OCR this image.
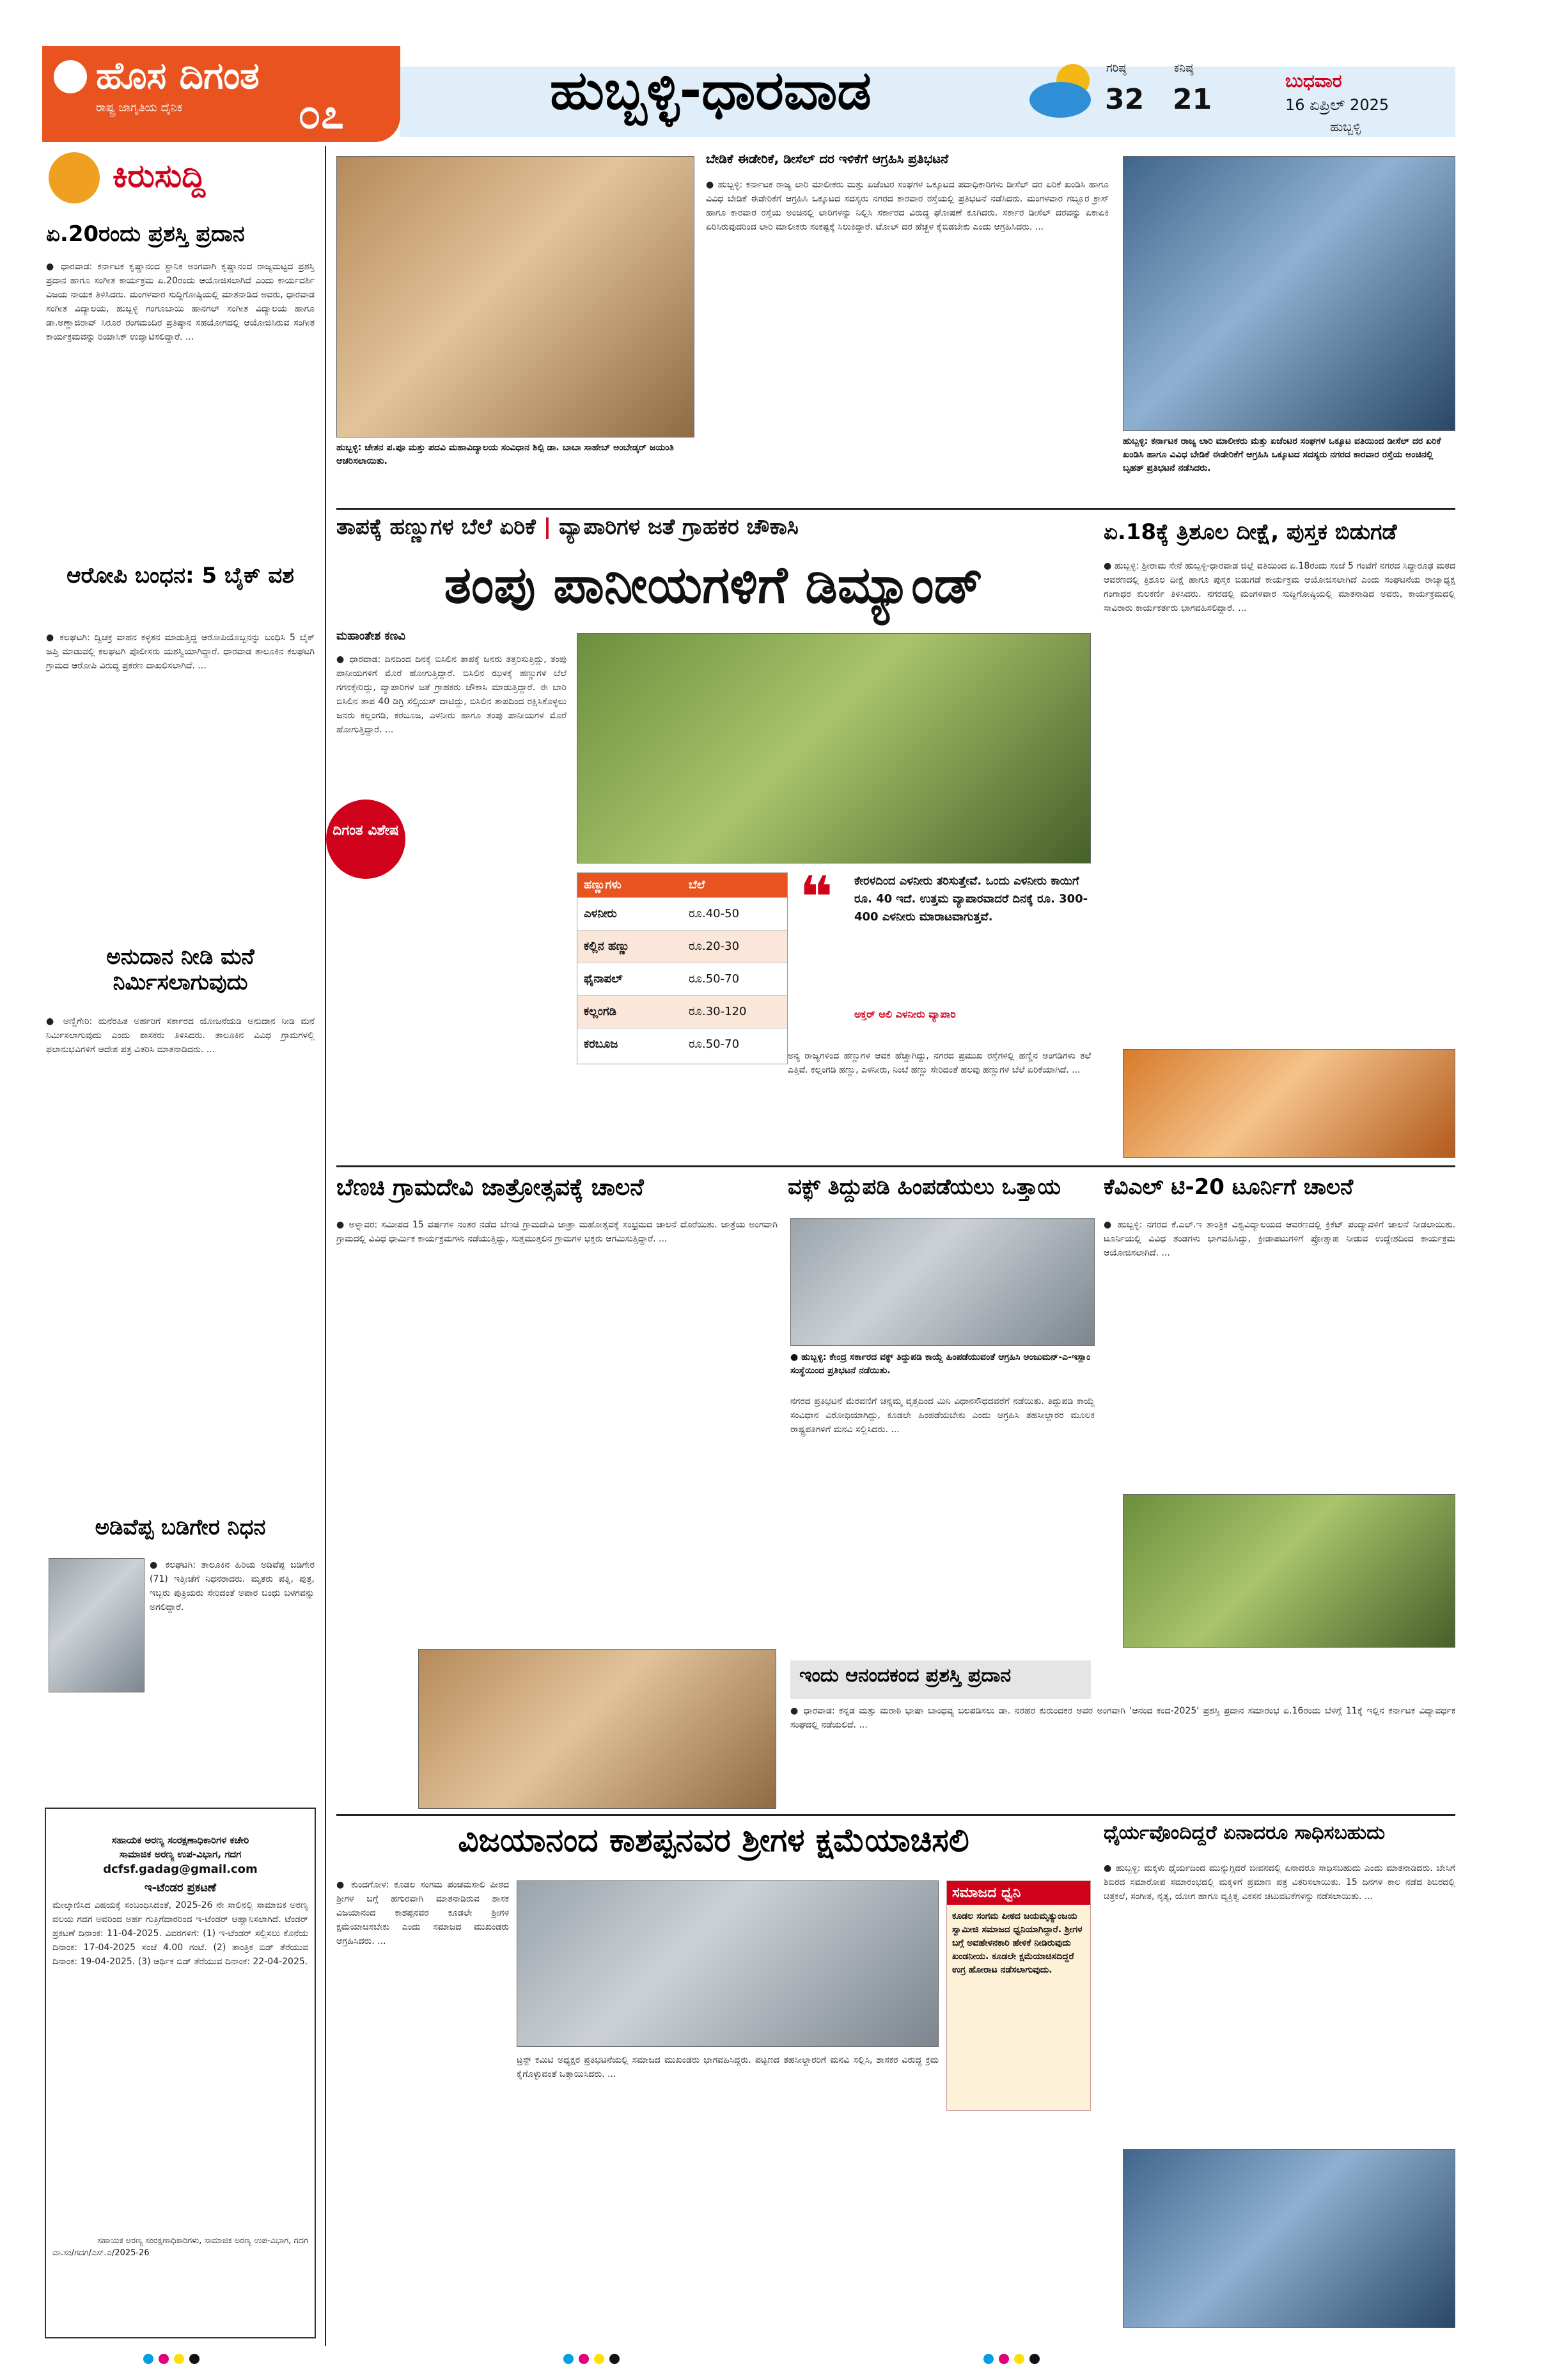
ಹೊಸ ದಿಗಂತ
ರಾಷ್ಟ್ರ ಜಾಗೃತಿಯ ದೈನಿಕ	೦೭	ಹುಬ್ಬಳ್ಳಿ-ಧಾರವಾಡ	ಗರಿಷ್ಠ
32
ಕನಿಷ್ಠ
21
ಬುಧವಾರ
16 ಏಪ್ರಿಲ್ 2025
ಹುಬ್ಬಳ್ಳಿ
ಕಿರುಸುದ್ದಿ
ಏ.20ರಂದು ಪ್ರಶಸ್ತಿ ಪ್ರದಾನ
● ಧಾರವಾಡ: ಕರ್ನಾಟಕ ಕೃಷ್ಣಾನಂದ ಸ್ಥಾನಿಕ ಅಂಗವಾಗಿ ಕೃಷ್ಣಾನಂದ ರಾಜ್ಯಮಟ್ಟದ ಪ್ರಶಸ್ತಿ ಪ್ರದಾನ ಹಾಗೂ ಸಂಗೀತ ಕಾರ್ಯಕ್ರಮ ಏ.20ರಂದು ಆಯೋಜಿಸಲಾಗಿದೆ ಎಂದು ಕಾರ್ಯದರ್ಶಿ ವಿಜಯ ನಾಯಕ ತಿಳಿಸಿದರು. ಮಂಗಳವಾರ ಸುದ್ದಿಗೋಷ್ಠಿಯಲ್ಲಿ ಮಾತನಾಡಿದ ಅವರು, ಧಾರವಾಡ ಸಂಗೀತ ವಿದ್ಯಾಲಯ, ಹುಬ್ಬಳ್ಳಿ ಗಂಗೂಬಾಯಿ ಹಾನಗಲ್ ಸಂಗೀತ ವಿದ್ಯಾಲಯ ಹಾಗೂ ಡಾ.ಅಣ್ಣಾಜಿರಾವ್ ಸಿರೂರ ರಂಗಮಂದಿರ ಪ್ರತಿಷ್ಠಾನ ಸಹಯೋಗದಲ್ಲಿ ಆಯೋಜಿಸಿರುವ ಸಂಗೀತ ಕಾರ್ಯಕ್ರಮವನ್ನು ರಿಯಾಸಿಕ್ ಉದ್ಘಾಟಿಸಲಿದ್ದಾರೆ. ...
ಆರೋಪಿ ಬಂಧನ: 5 ಬೈಕ್ ವಶ
● ಕಲಘಟಗಿ: ದ್ವಿಚಕ್ರ ವಾಹನ ಕಳ್ಳತನ ಮಾಡುತ್ತಿದ್ದ ಆರೋಪಿಯೊಬ್ಬನನ್ನು ಬಂಧಿಸಿ 5 ಬೈಕ್ ಜಪ್ತಿ ಮಾಡುವಲ್ಲಿ ಕಲಘಟಗಿ ಪೊಲೀಸರು ಯಶಸ್ವಿಯಾಗಿದ್ದಾರೆ. ಧಾರವಾಡ ತಾಲೂಕಿನ ಕಲಘಟಗಿ ಗ್ರಾಮದ ಆರೋಪಿ ವಿರುದ್ಧ ಪ್ರಕರಣ ದಾಖಲಿಸಲಾಗಿದೆ. ...
ಅನುದಾನ ನೀಡಿ ಮನೆ ನಿರ್ಮಿಸಲಾಗುವುದು
● ಅಣ್ಣಿಗೇರಿ: ಮನೆರಹಿತ ಅರ್ಹರಿಗೆ ಸರ್ಕಾರದ ಯೋಜನೆಯಡಿ ಅನುದಾನ ನೀಡಿ ಮನೆ ನಿರ್ಮಿಸಲಾಗುವುದು ಎಂದು ಶಾಸಕರು ತಿಳಿಸಿದರು. ತಾಲೂಕಿನ ವಿವಿಧ ಗ್ರಾಮಗಳಲ್ಲಿ ಫಲಾನುಭವಿಗಳಿಗೆ ಆದೇಶ ಪತ್ರ ವಿತರಿಸಿ ಮಾತನಾಡಿದರು. ...
ಅಡಿವೆಪ್ಪ ಬಡಿಗೇರ ನಿಧನ
● ಕಲಘಟಗಿ: ತಾಲೂಕಿನ ಹಿರಿಯ ಅಡಿವೆಪ್ಪ ಬಡಿಗೇರ (71) ಇತ್ತೀಚೆಗೆ ನಿಧನರಾದರು. ಮೃತರು ಪತ್ನಿ, ಪುತ್ರ, ಇಬ್ಬರು ಪುತ್ರಿಯರು ಸೇರಿದಂತೆ ಅಪಾರ ಬಂಧು ಬಳಗವನ್ನು ಅಗಲಿದ್ದಾರೆ.
ಸಹಾಯಕ ಅರಣ್ಯ ಸಂರಕ್ಷಣಾಧಿಕಾರಿಗಳ ಕಚೇರಿ
ಸಾಮಾಜಿಕ ಅರಣ್ಯ ಉಪ-ವಿಭಾಗ, ಗದಗ
dcfsf.gadag@gmail.com
ಇ-ಟೆಂಡರ ಪ್ರಕಟಣೆ
ಮೇಲ್ಕಾಣಿಸಿದ ವಿಷಯಕ್ಕೆ ಸಂಬಂಧಿಸಿದಂತೆ, 2025-26 ನೇ ಸಾಲಿನಲ್ಲಿ ಸಾಮಾಜಿಕ ಅರಣ್ಯ ವಲಯ ಗದಗ ಅವರಿಂದ ಅರ್ಹ ಗುತ್ತಿಗೆದಾರರಿಂದ ಇ-ಟೆಂಡರ್ ಆಹ್ವಾನಿಸಲಾಗಿದೆ. ಟೆಂಡರ್ ಪ್ರಕಟಣೆ ದಿನಾಂಕ: 11-04-2025. ವಿವರಗಳಿಗೆ: (1) ಇ-ಟೆಂಡರ್ ಸಲ್ಲಿಸಲು ಕೊನೆಯ ದಿನಾಂಕ: 17-04-2025 ಸಂಜೆ 4.00 ಗಂಟೆ. (2) ತಾಂತ್ರಿಕ ಬಿಡ್ ತೆರೆಯುವ ದಿನಾಂಕ: 19-04-2025. (3) ಆರ್ಥಿಕ ಬಿಡ್ ತೆರೆಯುವ ದಿನಾಂಕ: 22-04-2025.
ಸಹಾಯಕ ಅರಣ್ಯ ಸಂರಕ್ಷಣಾಧಿಕಾರಿಗಳು, ಸಾಮಾಜಿಕ ಅರಣ್ಯ ಉಪ-ವಿಭಾಗ, ಗದಗ
ವಾ.ಸಂ/ಗದಗ/ಎಸ್.ಎ/2025-26
ಹುಬ್ಬಳ್ಳಿ: ಚೇತನ ಪ.ಪೂ ಮತ್ತು ಪದವಿ ಮಹಾವಿದ್ಯಾಲಯ ಸಂವಿಧಾನ ಶಿಲ್ಪಿ ಡಾ. ಬಾಬಾ ಸಾಹೇಬ್ ಅಂಬೇಡ್ಕರ್ ಜಯಂತಿ ಆಚರಿಸಲಾಯಿತು.
ಬೇಡಿಕೆ ಈಡೇರಿಕೆ, ಡೀಸೆಲ್ ದರ ಇಳಿಕೆಗೆ ಆಗ್ರಹಿಸಿ ಪ್ರತಿಭಟನೆ
● ಹುಬ್ಬಳ್ಳಿ: ಕರ್ನಾಟಕ ರಾಜ್ಯ ಲಾರಿ ಮಾಲೀಕರು ಮತ್ತು ಏಜೆಂಟರ ಸಂಘಗಳ ಒಕ್ಕೂಟದ ಪದಾಧಿಕಾರಿಗಳು ಡೀಸೆಲ್ ದರ ಏರಿಕೆ ಖಂಡಿಸಿ ಹಾಗೂ ವಿವಿಧ ಬೇಡಿಕೆ ಈಡೇರಿಕೆಗೆ ಆಗ್ರಹಿಸಿ ಒಕ್ಕೂಟದ ಸದಸ್ಯರು ನಗರದ ಕಾರವಾರ ರಸ್ತೆಯಲ್ಲಿ ಪ್ರತಿಭಟನೆ ನಡೆಸಿದರು. ಮಂಗಳವಾರ ಗಬ್ಬೂರ ಕ್ರಾಸ್ ಹಾಗೂ ಕಾರವಾರ ರಸ್ತೆಯ ಅಂಚಿನಲ್ಲಿ ಲಾರಿಗಳನ್ನು ನಿಲ್ಲಿಸಿ ಸರ್ಕಾರದ ವಿರುದ್ಧ ಘೋಷಣೆ ಕೂಗಿದರು. ಸರ್ಕಾರ ಡೀಸೆಲ್ ದರವನ್ನು ಏಕಾಏಕಿ ಏರಿಸಿರುವುದರಿಂದ ಲಾರಿ ಮಾಲೀಕರು ಸಂಕಷ್ಟಕ್ಕೆ ಸಿಲುಕಿದ್ದಾರೆ. ಟೋಲ್ ದರ ಹೆಚ್ಚಳ ಕೈಬಿಡಬೇಕು ಎಂದು ಆಗ್ರಹಿಸಿದರು. ...
ಹುಬ್ಬಳ್ಳಿ: ಕರ್ನಾಟಕ ರಾಜ್ಯ ಲಾರಿ ಮಾಲೀಕರು ಮತ್ತು ಏಜೆಂಟರ ಸಂಘಗಳ ಒಕ್ಕೂಟ ವತಿಯಿಂದ ಡೀಸೆಲ್ ದರ ಏರಿಕೆ ಖಂಡಿಸಿ ಹಾಗೂ ವಿವಿಧ ಬೇಡಿಕೆ ಈಡೇರಿಕೆಗೆ ಆಗ್ರಹಿಸಿ ಒಕ್ಕೂಟದ ಸದಸ್ಯರು ನಗರದ ಕಾರವಾರ ರಸ್ತೆಯ ಅಂಚಿನಲ್ಲಿ ಬೃಹತ್ ಪ್ರತಿಭಟನೆ ನಡೆಸಿದರು.
ತಾಪಕ್ಕೆ ಹಣ್ಣುಗಳ ಬೆಲೆ ಏರಿಕೆ | ವ್ಯಾಪಾರಿಗಳ ಜತೆ ಗ್ರಾಹಕರ ಚೌಕಾಸಿ
ತಂಪು ಪಾನೀಯಗಳಿಗೆ ಡಿಮ್ಯಾಂಡ್
ಮಹಾಂತೇಶ ಕಣವಿ
● ಧಾರವಾಡ: ದಿನದಿಂದ ದಿನಕ್ಕೆ ಬಿಸಿಲಿನ ತಾಪಕ್ಕೆ ಜನರು ತತ್ತರಿಸುತ್ತಿದ್ದು, ತಂಪು ಪಾನೀಯಗಳಿಗೆ ಮೊರೆ ಹೋಗುತ್ತಿದ್ದಾರೆ. ಬಿಸಿಲಿನ ಝಳಕ್ಕೆ ಹಣ್ಣುಗಳ ಬೆಲೆ ಗಗನಕ್ಕೇರಿದ್ದು, ವ್ಯಾಪಾರಿಗಳ ಜತೆ ಗ್ರಾಹಕರು ಚೌಕಾಸಿ ಮಾಡುತ್ತಿದ್ದಾರೆ. ಈ ಬಾರಿ ಬಿಸಿಲಿನ ತಾಪ 40 ಡಿಗ್ರಿ ಸೆಲ್ಸಿಯಸ್ ದಾಟಿದ್ದು, ಬಿಸಿಲಿನ ತಾಪದಿಂದ ರಕ್ಷಿಸಿಕೊಳ್ಳಲು ಜನರು ಕಲ್ಲಂಗಡಿ, ಕರಬೂಜ, ಎಳನೀರು ಹಾಗೂ ತಂಪು ಪಾನೀಯಗಳ ಮೊರೆ ಹೋಗುತ್ತಿದ್ದಾರೆ. ...
ದಿಗಂತ ವಿಶೇಷ
ಹಣ್ಣುಗಳು	ಬೆಲೆ
ಎಳನೀರು	ರೂ.40-50
ಕಲ್ಲಿನ ಹಣ್ಣು	ರೂ.20-30
ಫೈನಾಪಲ್	ರೂ.50-70
ಕಲ್ಲಂಗಡಿ	ರೂ.30-120
ಕರಬೂಜ	ರೂ.50-70
❝	ಕೇರಳದಿಂದ ಎಳನೀರು ತರಿಸುತ್ತೇವೆ. ಒಂದು ಎಳನೀರು ಕಾಯಿಗೆ ರೂ. 40 ಇದೆ. ಉತ್ತಮ ವ್ಯಾಪಾರವಾದರೆ ದಿನಕ್ಕೆ ರೂ. 300-400 ಎಳನೀರು ಮಾರಾಟವಾಗುತ್ತವೆ.
ಅಕ್ತರ್ ಅಲಿ ಎಳನೀರು ವ್ಯಾಪಾರಿ
ಅನ್ಯ ರಾಜ್ಯಗಳಿಂದ ಹಣ್ಣುಗಳ ಆವಕ ಹೆಚ್ಚಾಗಿದ್ದು, ನಗರದ ಪ್ರಮುಖ ರಸ್ತೆಗಳಲ್ಲಿ ಹಣ್ಣಿನ ಅಂಗಡಿಗಳು ತಲೆ ಎತ್ತಿವೆ. ಕಲ್ಲಂಗಡಿ ಹಣ್ಣು, ಎಳನೀರು, ನಿಂಬೆ ಹಣ್ಣು ಸೇರಿದಂತೆ ಹಲವು ಹಣ್ಣುಗಳ ಬೆಲೆ ಏರಿಕೆಯಾಗಿದೆ. ...
ಏ.18ಕ್ಕೆ ತ್ರಿಶೂಲ ದೀಕ್ಷೆ, ಪುಸ್ತಕ ಬಿಡುಗಡೆ
● ಹುಬ್ಬಳ್ಳಿ: ಶ್ರೀರಾಮ ಸೇನೆ ಹುಬ್ಬಳ್ಳಿ-ಧಾರವಾಡ ಜಿಲ್ಲೆ ವತಿಯಿಂದ ಏ.18ರಂದು ಸಂಜೆ 5 ಗಂಟೆಗೆ ನಗರದ ಸಿದ್ಧಾರೂಢ ಮಠದ ಆವರಣದಲ್ಲಿ ತ್ರಿಶೂಲ ದೀಕ್ಷೆ ಹಾಗೂ ಪುಸ್ತಕ ಬಿಡುಗಡೆ ಕಾರ್ಯಕ್ರಮ ಆಯೋಜಿಸಲಾಗಿದೆ ಎಂದು ಸಂಘಟನೆಯ ರಾಜ್ಯಾಧ್ಯಕ್ಷ ಗಂಗಾಧರ ಕುಲಕರ್ಣಿ ತಿಳಿಸಿದರು. ನಗರದಲ್ಲಿ ಮಂಗಳವಾರ ಸುದ್ದಿಗೋಷ್ಠಿಯಲ್ಲಿ ಮಾತನಾಡಿದ ಅವರು, ಕಾರ್ಯಕ್ರಮದಲ್ಲಿ ಸಾವಿರಾರು ಕಾರ್ಯಕರ್ತರು ಭಾಗವಹಿಸಲಿದ್ದಾರೆ. ...
ಬೆಣಚಿ ಗ್ರಾಮದೇವಿ ಜಾತ್ರೋತ್ಸವಕ್ಕೆ ಚಾಲನೆ
● ಅಳ್ನಾವರ: ಸಮೀಪದ 15 ವರ್ಷಗಳ ನಂತರ ನಡೆದ ಬೆಣಚಿ ಗ್ರಾಮದೇವಿ ಜಾತ್ರಾ ಮಹೋತ್ಸವಕ್ಕೆ ಸಂಭ್ರಮದ ಚಾಲನೆ ದೊರೆಯಿತು. ಜಾತ್ರೆಯ ಅಂಗವಾಗಿ ಗ್ರಾಮದಲ್ಲಿ ವಿವಿಧ ಧಾರ್ಮಿಕ ಕಾರ್ಯಕ್ರಮಗಳು ನಡೆಯುತ್ತಿದ್ದು, ಸುತ್ತಮುತ್ತಲಿನ ಗ್ರಾಮಗಳ ಭಕ್ತರು ಆಗಮಿಸುತ್ತಿದ್ದಾರೆ. ...
ವಕ್ಫ್ ತಿದ್ದುಪಡಿ ಹಿಂಪಡೆಯಲು ಒತ್ತಾಯ
● ಹುಬ್ಬಳ್ಳಿ: ಕೇಂದ್ರ ಸರ್ಕಾರದ ವಕ್ಫ್ ತಿದ್ದುಪಡಿ ಕಾಯ್ದೆ ಹಿಂಪಡೆಯುವಂತೆ ಆಗ್ರಹಿಸಿ ಅಂಜುಮನ್-ಎ-ಇಸ್ಲಾಂ ಸಂಸ್ಥೆಯಿಂದ ಪ್ರತಿಭಟನೆ ನಡೆಯಿತು.
ನಗರದ ಪ್ರತಿಭಟನೆ ಮೆರವಣಿಗೆ ಚನ್ನಮ್ಮ ವೃತ್ತದಿಂದ ಮಿನಿ ವಿಧಾನಸೌಧದವರೆಗೆ ನಡೆಯಿತು. ತಿದ್ದುಪಡಿ ಕಾಯ್ದೆ ಸಂವಿಧಾನ ವಿರೋಧಿಯಾಗಿದ್ದು, ಕೂಡಲೇ ಹಿಂಪಡೆಯಬೇಕು ಎಂದು ಆಗ್ರಹಿಸಿ ತಹಸೀಲ್ದಾರರ ಮೂಲಕ ರಾಷ್ಟ್ರಪತಿಗಳಿಗೆ ಮನವಿ ಸಲ್ಲಿಸಿದರು. ...
ಕೆವಿಎಲ್ ಟಿ-20 ಟೂರ್ನಿಗೆ ಚಾಲನೆ
● ಹುಬ್ಬಳ್ಳಿ: ನಗರದ ಕೆ.ಎಲ್.ಇ ತಾಂತ್ರಿಕ ವಿಶ್ವವಿದ್ಯಾಲಯದ ಆವರಣದಲ್ಲಿ ಕ್ರಿಕೆಟ್ ಪಂದ್ಯಾವಳಿಗೆ ಚಾಲನೆ ನೀಡಲಾಯಿತು. ಟೂರ್ನಿಯಲ್ಲಿ ವಿವಿಧ ತಂಡಗಳು ಭಾಗವಹಿಸಿದ್ದು, ಕ್ರೀಡಾಪಟುಗಳಿಗೆ ಪ್ರೋತ್ಸಾಹ ನೀಡುವ ಉದ್ದೇಶದಿಂದ ಕಾರ್ಯಕ್ರಮ ಆಯೋಜಿಸಲಾಗಿದೆ. ...
ಇಂದು ಆನಂದಕಂದ ಪ್ರಶಸ್ತಿ ಪ್ರದಾನ
● ಧಾರವಾಡ: ಕನ್ನಡ ಮತ್ತು ಮರಾಠಿ ಭಾಷಾ ಬಾಂಧವ್ಯ ಬಲಪಡಿಸಲು ಡಾ. ನರಹರ ಕುರುಂದಕರ ಅವರ ಅಂಗವಾಗಿ 'ಆನಂದ ಕಂದ-2025' ಪ್ರಶಸ್ತಿ ಪ್ರದಾನ ಸಮಾರಂಭ ಏ.16ರಂದು ಬೆಳಿಗ್ಗೆ 11ಕ್ಕೆ ಇಲ್ಲಿನ ಕರ್ನಾಟಕ ವಿದ್ಯಾವರ್ಧಕ ಸಂಘದಲ್ಲಿ ನಡೆಯಲಿದೆ. ...
ವಿಜಯಾನಂದ ಕಾಶಪ್ಪನವರ ಶ್ರೀಗಳ ಕ್ಷಮೆಯಾಚಿಸಲಿ
● ಕುಂದಗೋಳ: ಕೂಡಲ ಸಂಗಮ ಪಂಚಮಸಾಲಿ ಪೀಠದ ಶ್ರೀಗಳ ಬಗ್ಗೆ ಹಗುರವಾಗಿ ಮಾತನಾಡಿರುವ ಶಾಸಕ ವಿಜಯಾನಂದ ಕಾಶಪ್ಪನವರ ಕೂಡಲೇ ಶ್ರೀಗಳ ಕ್ಷಮೆಯಾಚಿಸಬೇಕು ಎಂದು ಸಮಾಜದ ಮುಖಂಡರು ಆಗ್ರಹಿಸಿದರು. ...
ಟ್ರಸ್ಟ್ ಕಮಿಟಿ ಅಧ್ಯಕ್ಷರ ಪ್ರತಿಭಟನೆಯಲ್ಲಿ ಸಮಾಜದ ಮುಖಂಡರು ಭಾಗವಹಿಸಿದ್ದರು. ಪಟ್ಟಣದ ತಹಸೀಲ್ದಾರರಿಗೆ ಮನವಿ ಸಲ್ಲಿಸಿ, ಶಾಸಕರ ವಿರುದ್ಧ ಕ್ರಮ ಕೈಗೊಳ್ಳುವಂತೆ ಒತ್ತಾಯಿಸಿದರು. ...
ಸಮಾಜದ ಧ್ವನಿ
ಕೂಡಲ ಸಂಗಮ ಪೀಠದ ಜಯಮೃತ್ಯುಂಜಯ ಸ್ವಾಮೀಜಿ ಸಮಾಜದ ಧ್ವನಿಯಾಗಿದ್ದಾರೆ. ಶ್ರೀಗಳ ಬಗ್ಗೆ ಅವಹೇಳನಕಾರಿ ಹೇಳಿಕೆ ನೀಡಿರುವುದು ಖಂಡನೀಯ. ಕೂಡಲೇ ಕ್ಷಮೆಯಾಚಿಸದಿದ್ದರೆ ಉಗ್ರ ಹೋರಾಟ ನಡೆಸಲಾಗುವುದು.
ಧೈರ್ಯವೊಂದಿದ್ದರೆ ಏನಾದರೂ ಸಾಧಿಸಬಹುದು
● ಹುಬ್ಬಳ್ಳಿ: ಮಕ್ಕಳು ಧೈರ್ಯದಿಂದ ಮುನ್ನುಗ್ಗಿದರೆ ಜೀವನದಲ್ಲಿ ಏನಾದರೂ ಸಾಧಿಸಬಹುದು ಎಂದು ಮಾತನಾಡಿದರು. ಬೇಸಿಗೆ ಶಿಬಿರದ ಸಮಾರೋಪ ಸಮಾರಂಭದಲ್ಲಿ ಮಕ್ಕಳಿಗೆ ಪ್ರಮಾಣ ಪತ್ರ ವಿತರಿಸಲಾಯಿತು. 15 ದಿನಗಳ ಕಾಲ ನಡೆದ ಶಿಬಿರದಲ್ಲಿ ಚಿತ್ರಕಲೆ, ಸಂಗೀತ, ನೃತ್ಯ, ಯೋಗ ಹಾಗೂ ವ್ಯಕ್ತಿತ್ವ ವಿಕಸನ ಚಟುವಟಿಕೆಗಳನ್ನು ನಡೆಸಲಾಯಿತು. ...
